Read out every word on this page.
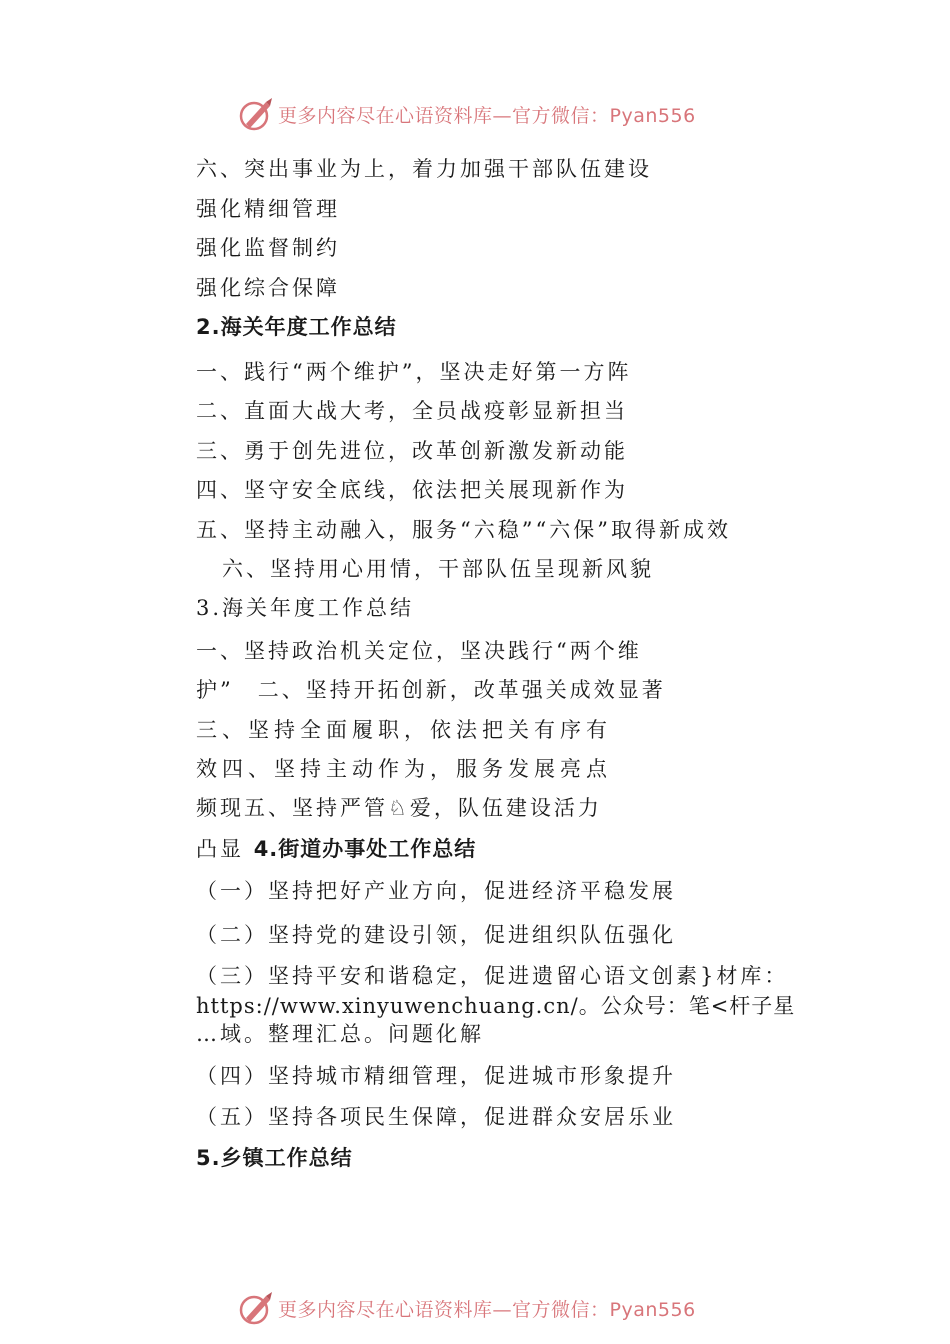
更多内容尽在心语资料库—官方微信：Pyan556
六、突出事业为上，着力加强干部队伍建设
强化精细管理
强化监督制约
强化综合保障
2.海关年度工作总结
一、践行“两个维护”，坚决走好第一方阵
二、直面大战大考，全员战疫彰显新担当
三、勇于创先进位，改革创新激发新动能
四、坚守安全底线，依法把关展现新作为
五、坚持主动融入，服务“六稳”“六保”取得新成效
六、坚持用心用情，干部队伍呈现新风貌
3.海关年度工作总结
一、坚持政治机关定位，坚决践行“两个维
护”　二、坚持开拓创新，改革强关成效显著
三、坚持全面履职，依法把关有序有
效四、坚持主动作为，服务发展亮点
频现五、坚持严管♘爱，队伍建设活力
凸显 4.街道办事处工作总结
（一）坚持把好产业方向，促进经济平稳发展
（二）坚持党的建设引领，促进组织队伍强化
（三）坚持平安和谐稳定，促进遗留心语文创素}材库：
https://www.xinyuwenchuang.cn/。公众号：笔<杆子星
…域。整理汇总。问题化解
（四）坚持城市精细管理，促进城市形象提升
（五）坚持各项民生保障，促进群众安居乐业
5.乡镇工作总结
更多内容尽在心语资料库—官方微信：Pyan556
